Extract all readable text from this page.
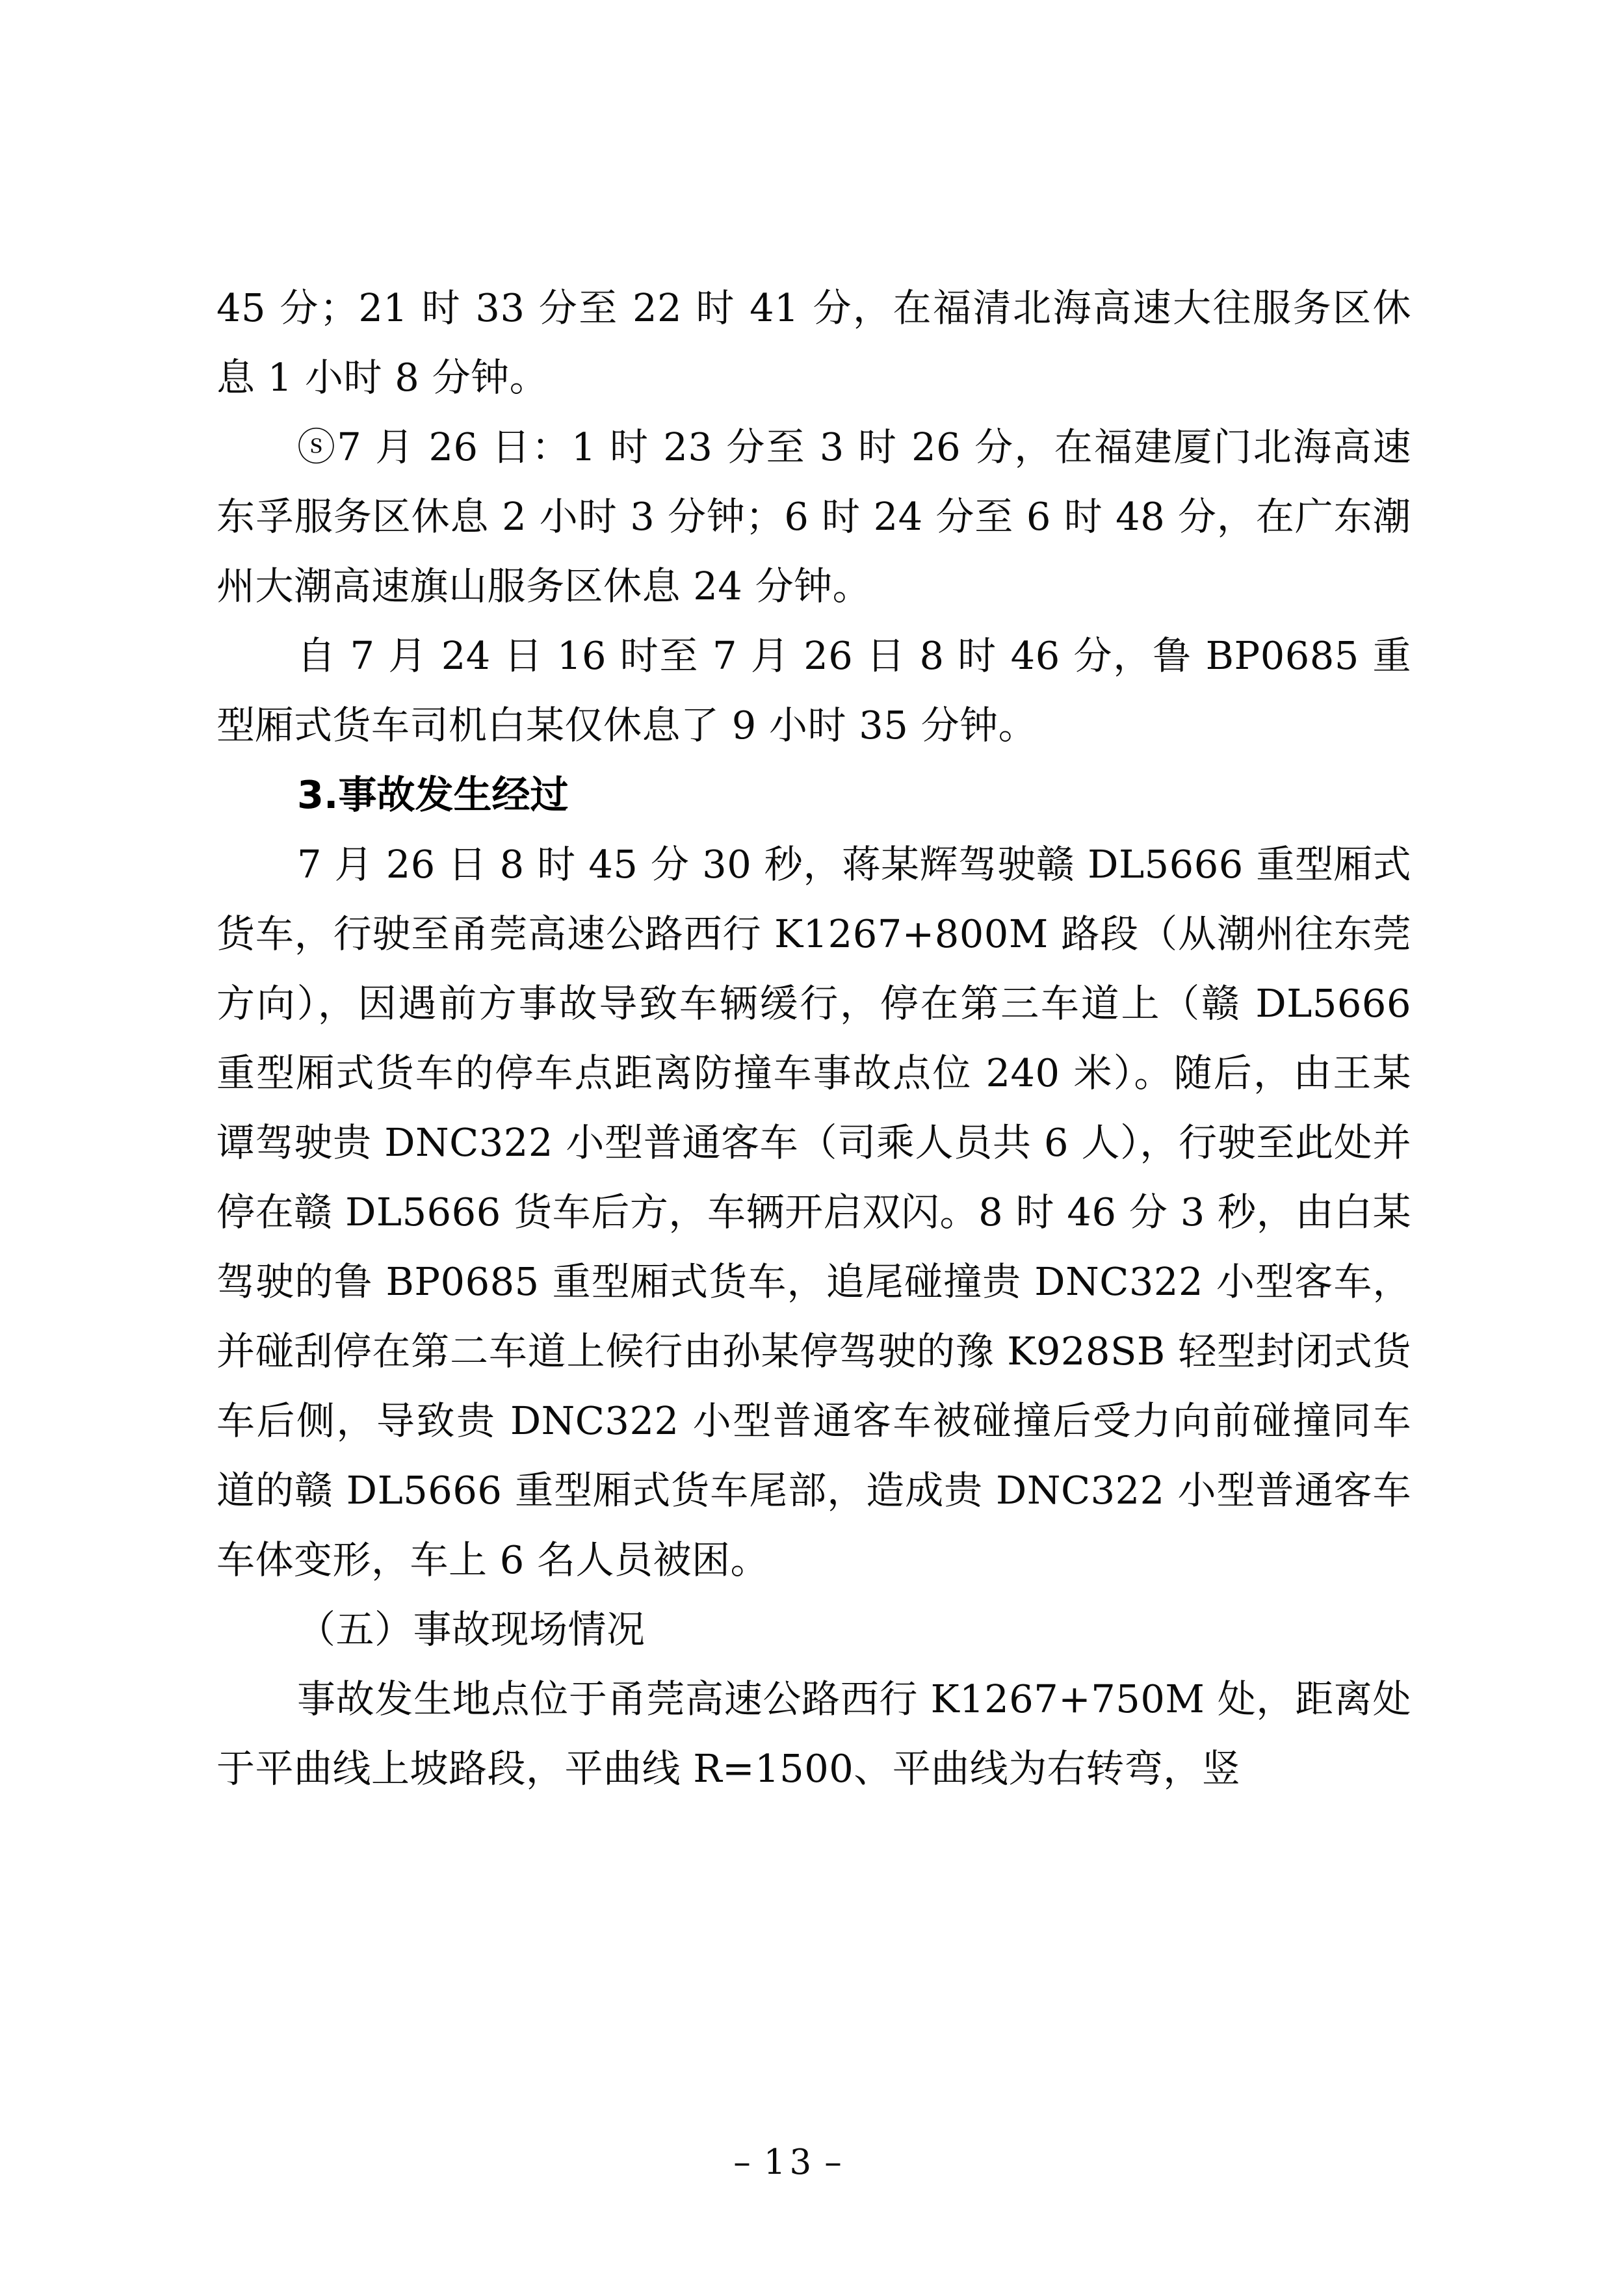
45 分；21 时 33 分至 22 时 41 分，在福清北海高速大往服务区休息 1 小时 8 分钟。

ⓢ7 月 26 日：1 时 23 分至 3 时 26 分，在福建厦门北海高速东孚服务区休息 2 小时 3 分钟；6 时 24 分至 6 时 48 分，在广东潮州大潮高速旗山服务区休息 24 分钟。

自 7 月 24 日 16 时至 7 月 26 日 8 时 46 分，鲁 BP0685 重型厢式货车司机白某仅休息了 9 小时 35 分钟。

3.事故发生经过

7 月 26 日 8 时 45 分 30 秒，蒋某辉驾驶赣 DL5666 重型厢式货车，行驶至甬莞高速公路西行 K1267+800M 路段（从潮州往东莞方向），因遇前方事故导致车辆缓行，停在第三车道上（赣 DL5666 重型厢式货车的停车点距离防撞车事故点位 240 米）。随后，由王某谭驾驶贵 DNC322 小型普通客车（司乘人员共 6 人），行驶至此处并停在赣 DL5666 货车后方，车辆开启双闪。8 时 46 分 3 秒，由白某驾驶的鲁 BP0685 重型厢式货车，追尾碰撞贵 DNC322 小型客车，并碰刮停在第二车道上候行由孙某停驾驶的豫 K928SB 轻型封闭式货车后侧，导致贵 DNC322 小型普通客车被碰撞后受力向前碰撞同车道的赣 DL5666 重型厢式货车尾部，造成贵 DNC322 小型普通客车车体变形，车上 6 名人员被困。

（五）事故现场情况

事故发生地点位于甬莞高速公路西行 K1267+750M 处，距离处于平曲线上坡路段，平曲线 R=1500、平曲线为右转弯，竖

– 13 –
